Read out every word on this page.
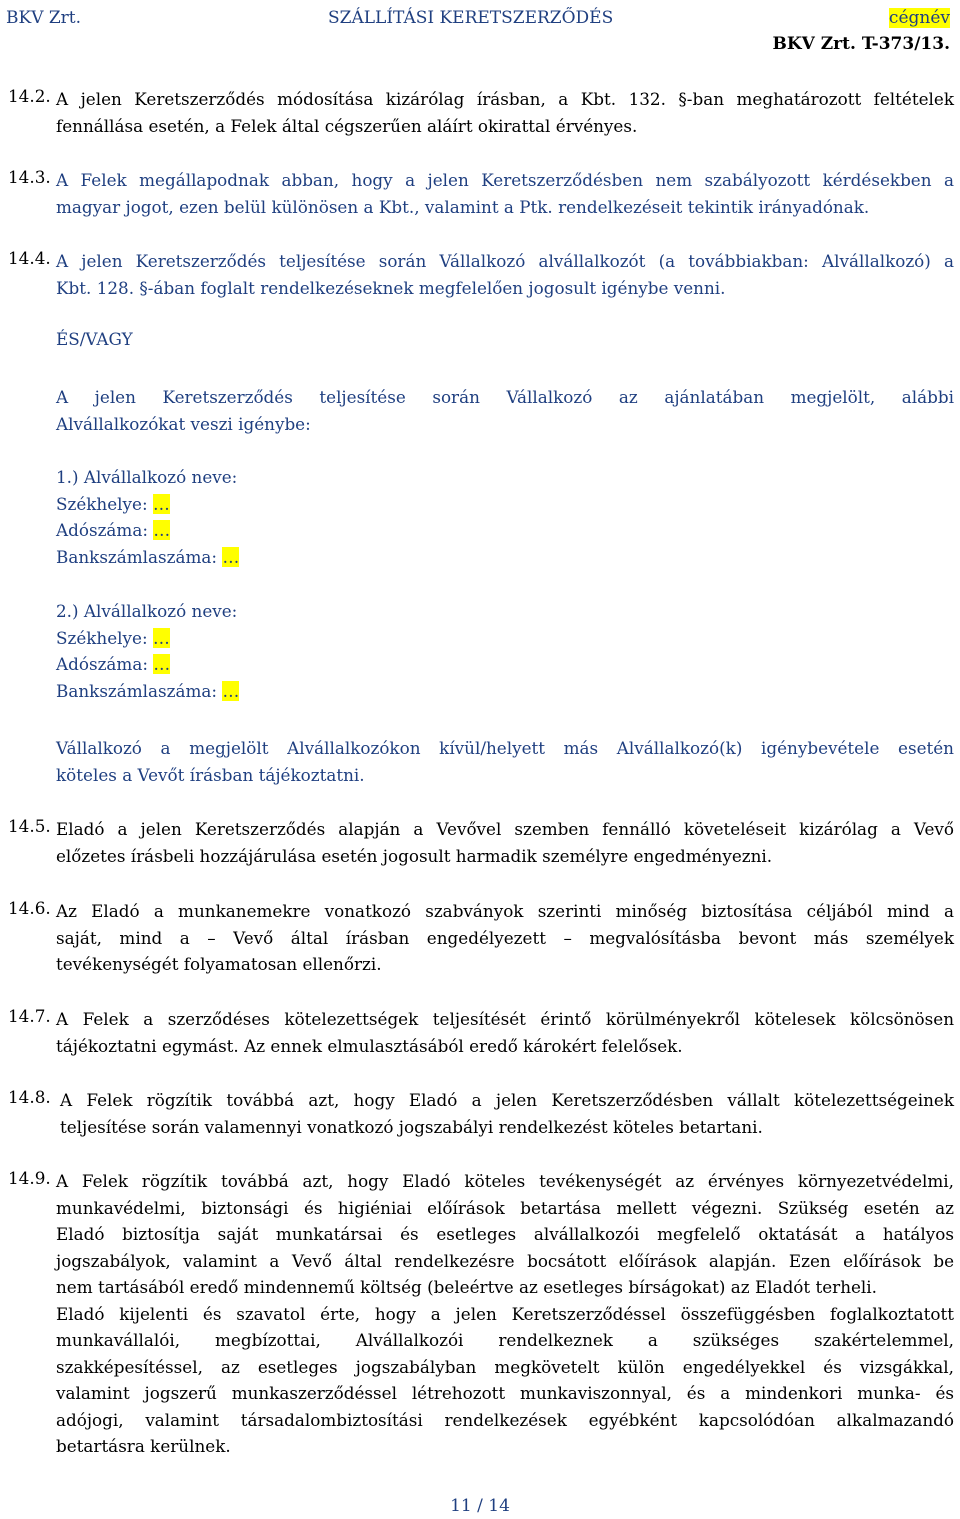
BKV Zrt.	SZÁLLÍTÁSI KERETSZERZŐDÉS	cégnév
BKV Zrt. T-373/13.
14.2. A jelen Keretszerződés módosítása kizárólag írásban, a Kbt. 132. §-ban meghatározott feltételek
fennállása esetén, a Felek által cégszerűen aláírt okirattal érvényes.
14.3. A Felek megállapodnak abban, hogy a jelen Keretszerződésben nem szabályozott kérdésekben a
magyar jogot, ezen belül különösen a Kbt., valamint a Ptk. rendelkezéseit tekintik irányadónak.
14.4. A jelen Keretszerződés teljesítése során Vállalkozó alvállalkozót (a továbbiakban: Alvállalkozó) a
Kbt. 128. §-ában foglalt rendelkezéseknek megfelelően jogosult igénybe venni.
ÉS/VAGY
A jelen Keretszerződés teljesítése során Vállalkozó az ajánlatában megjelölt, alábbi
Alvállalkozókat veszi igénybe:
1.) Alvállalkozó neve:
Székhelye: …
Adószáma: …
Bankszámlaszáma: …
2.) Alvállalkozó neve:
Székhelye: …
Adószáma: …
Bankszámlaszáma: …
Vállalkozó a megjelölt Alvállalkozókon kívül/helyett más Alvállalkozó(k) igénybevétele esetén
köteles a Vevőt írásban tájékoztatni.
14.5. Eladó a jelen Keretszerződés alapján a Vevővel szemben fennálló követeléseit kizárólag a Vevő
előzetes írásbeli hozzájárulása esetén jogosult harmadik személyre engedményezni.
14.6. Az Eladó a munkanemekre vonatkozó szabványok szerinti minőség biztosítása céljából mind a
saját, mind a – Vevő által írásban engedélyezett – megvalósításba bevont más személyek
tevékenységét folyamatosan ellenőrzi.
14.7. A Felek a szerződéses kötelezettségek teljesítését érintő körülményekről kötelesek kölcsönösen
tájékoztatni egymást. Az ennek elmulasztásából eredő károkért felelősek.
14.8. A Felek rögzítik továbbá azt, hogy Eladó a jelen Keretszerződésben vállalt kötelezettségeinek
teljesítése során valamennyi vonatkozó jogszabályi rendelkezést köteles betartani.
14.9. A Felek rögzítik továbbá azt, hogy Eladó köteles tevékenységét az érvényes környezetvédelmi,
munkavédelmi, biztonsági és higiéniai előírások betartása mellett végezni. Szükség esetén az
Eladó biztosítja saját munkatársai és esetleges alvállalkozói megfelelő oktatását a hatályos
jogszabályok, valamint a Vevő által rendelkezésre bocsátott előírások alapján. Ezen előírások be
nem tartásából eredő mindennemű költség (beleértve az esetleges bírságokat) az Eladót terheli.
Eladó kijelenti és szavatol érte, hogy a jelen Keretszerződéssel összefüggésben foglalkoztatott
munkavállalói, megbízottai, Alvállalkozói rendelkeznek a szükséges szakértelemmel,
szakképesítéssel, az esetleges jogszabályban megkövetelt külön engedélyekkel és vizsgákkal,
valamint jogszerű munkaszerződéssel létrehozott munkaviszonnyal, és a mindenkori munka- és
adójogi, valamint társadalombiztosítási rendelkezések egyébként kapcsolódóan alkalmazandó
betartásra kerülnek.
11 / 14
